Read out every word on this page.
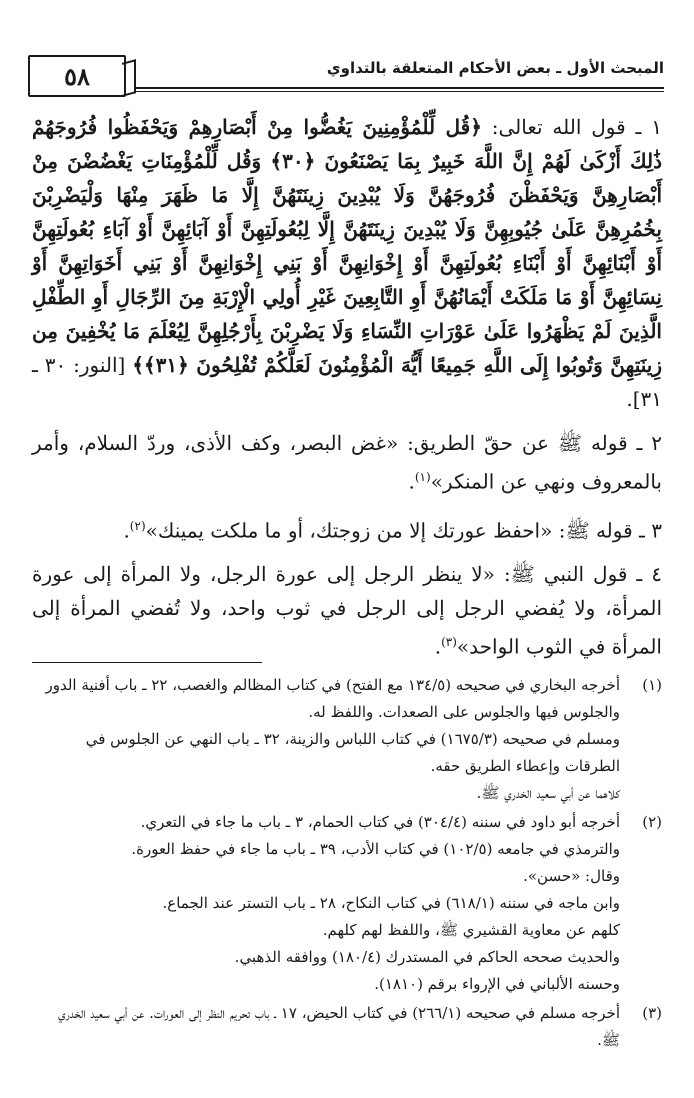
٥٨	المبحث الأول ـ بعض الأحكام المتعلقة بالتداوي

١ ـ قول الله تعالى: ﴿قُل لِّلْمُؤْمِنِينَ يَغُضُّوا مِنْ أَبْصَارِهِمْ وَيَحْفَظُوا فُرُوجَهُمْ ذَٰلِكَ أَزْكَىٰ لَهُمْ إِنَّ اللَّهَ خَبِيرٌ بِمَا يَصْنَعُونَ ﴿٣٠﴾ وَقُل لِّلْمُؤْمِنَاتِ يَغْضُضْنَ مِنْ أَبْصَارِهِنَّ وَيَحْفَظْنَ فُرُوجَهُنَّ وَلَا يُبْدِينَ زِينَتَهُنَّ إِلَّا مَا ظَهَرَ مِنْهَا وَلْيَضْرِبْنَ بِخُمُرِهِنَّ عَلَىٰ جُيُوبِهِنَّ وَلَا يُبْدِينَ زِينَتَهُنَّ إِلَّا لِبُعُولَتِهِنَّ أَوْ آبَائِهِنَّ أَوْ آبَاءِ بُعُولَتِهِنَّ أَوْ أَبْنَائِهِنَّ أَوْ أَبْنَاءِ بُعُولَتِهِنَّ أَوْ إِخْوَانِهِنَّ أَوْ بَنِي إِخْوَانِهِنَّ أَوْ بَنِي أَخَوَاتِهِنَّ أَوْ نِسَائِهِنَّ أَوْ مَا مَلَكَتْ أَيْمَانُهُنَّ أَوِ التَّابِعِينَ غَيْرِ أُولِي الْإِرْبَةِ مِنَ الرِّجَالِ أَوِ الطِّفْلِ الَّذِينَ لَمْ يَظْهَرُوا عَلَىٰ عَوْرَاتِ النِّسَاءِ وَلَا يَضْرِبْنَ بِأَرْجُلِهِنَّ لِيُعْلَمَ مَا يُخْفِينَ مِن زِينَتِهِنَّ وَتُوبُوا إِلَى اللَّهِ جَمِيعًا أَيُّهَ الْمُؤْمِنُونَ لَعَلَّكُمْ تُفْلِحُونَ ﴿٣١﴾﴾ [النور: ٣٠ ـ ٣١].

٢ ـ قوله ﷺ عن حقّ الطريق: «غض البصر، وكف الأذى، وردّ السلام، وأمر بالمعروف ونهي عن المنكر»$^{(١)}$.

٣ ـ قوله ﷺ: «احفظ عورتك إلا من زوجتك، أو ما ملكت يمينك»$^{(٢)}$.

٤ ـ قول النبي ﷺ: «لا ينظر الرجل إلى عورة الرجل، ولا المرأة إلى عورة المرأة، ولا يُفضي الرجل إلى الرجل في ثوب واحد، ولا تُفضي المرأة إلى المرأة في الثوب الواحد»$^{(٣)}$.

(١)
أخرجه البخاري في صحيحه (١٣٤/٥ مع الفتح) في كتاب المظالم والغصب، ٢٢ ـ باب أفنية الدور والجلوس فيها والجلوس على الصعدات. واللفظ له.
ومسلم في صحيحه (١٦٧٥/٣) في كتاب اللباس والزينة، ٣٢ ـ باب النهي عن الجلوس في الطرقات وإعطاء الطريق حقه.
كلاهما عن أبي سعيد الخدري ﷺ.
(٢)
أخرجه أبو داود في سننه (٣٠٤/٤) في كتاب الحمام، ٣ ـ باب ما جاء في التعري.
والترمذي في جامعه (١٠٢/٥) في كتاب الأدب، ٣٩ ـ باب ما جاء في حفظ العورة.
وقال: «حسن».
وابن ماجه في سننه (٦١٨/١) في كتاب النكاح، ٢٨ ـ باب التستر عند الجماع.
كلهم عن معاوية القشيري ﷺ، واللفظ لهم كلهم.
والحديث صححه الحاكم في المستدرك (١٨٠/٤) ووافقه الذهبي.
وحسنه الألباني في الإرواء برقم (١٨١٠).
(٣)
أخرجه مسلم في صحيحه (٢٦٦/١) في كتاب الحيض، ١٧ ـ باب تحريم النظر إلى العورات. عن أبي سعيد الخدري ﷺ.
